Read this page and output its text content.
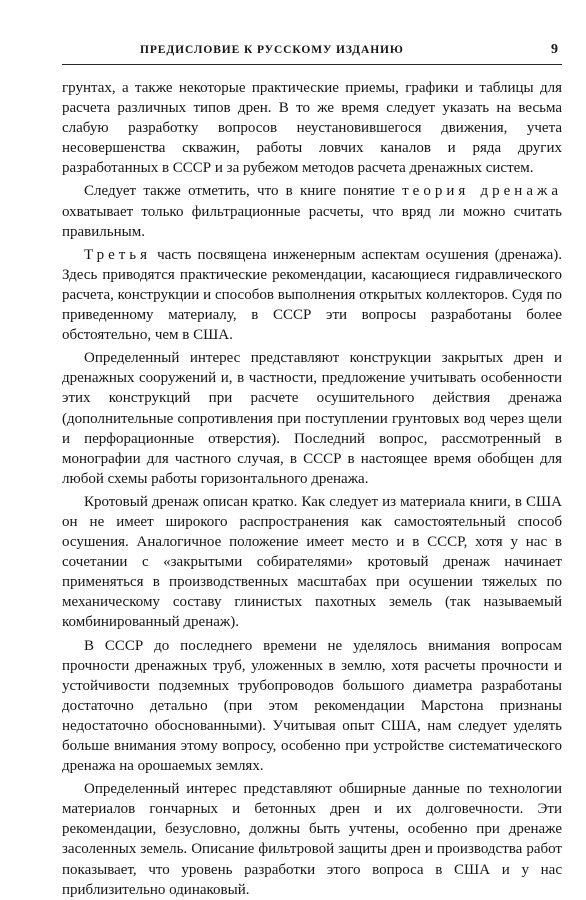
ПРЕДИСЛОВИЕ К РУССКОМУ ИЗДАНИЮ	9

грунтах, а также некоторые практические приемы, графики и таблицы для расчета различных типов дрен. В то же время следует указать на весьма слабую разработку вопросов неустановившегося движения, учета несовершенства скважин, работы ловчих каналов и ряда других разработанных в СССР и за рубежом методов расчета дренажных систем.

Следует также отметить, что в книге понятие теория дренажа охватывает только фильтрационные расчеты, что вряд ли можно считать правильным.

Третья часть посвящена инженерным аспектам осушения (дренажа). Здесь приводятся практические рекомендации, касающиеся гидравлического расчета, конструкции и способов выполнения открытых коллекторов. Судя по приведенному материалу, в СССР эти вопросы разработаны более обстоятельно, чем в США.

Определенный интерес представляют конструкции закрытых дрен и дренажных сооружений и, в частности, предложение учитывать особенности этих конструкций при расчете осушительного действия дренажа (дополнительные сопротивления при поступлении грунтовых вод через щели и перфорационные отверстия). Последний вопрос, рассмотренный в монографии для частного случая, в СССР в настоящее время обобщен для любой схемы работы горизонтального дренажа.

Кротовый дренаж описан кратко. Как следует из материала книги, в США он не имеет широкого распространения как самостоятельный способ осушения. Аналогичное положение имеет место и в СССР, хотя у нас в сочетании с «закрытыми собирателями» кротовый дренаж начинает применяться в производственных масштабах при осушении тяжелых по механическому составу глинистых пахотных земель (так называемый комбинированный дренаж).

В СССР до последнего времени не уделялось внимания вопросам прочности дренажных труб, уложенных в землю, хотя расчеты прочности и устойчивости подземных трубопроводов большого диаметра разработаны достаточно детально (при этом рекомендации Марстона признаны недостаточно обоснованными). Учитывая опыт США, нам следует уделять больше внимания этому вопросу, особенно при устройстве систематического дренажа на орошаемых землях.

Определенный интерес представляют обширные данные по технологии материалов гончарных и бетонных дрен и их долговечности. Эти рекомендации, безусловно, должны быть учтены, особенно при дренаже засоленных земель. Описание фильтровой защиты дрен и производства работ показывает, что уровень разработки этого вопроса в США и у нас приблизительно одинаковый.
